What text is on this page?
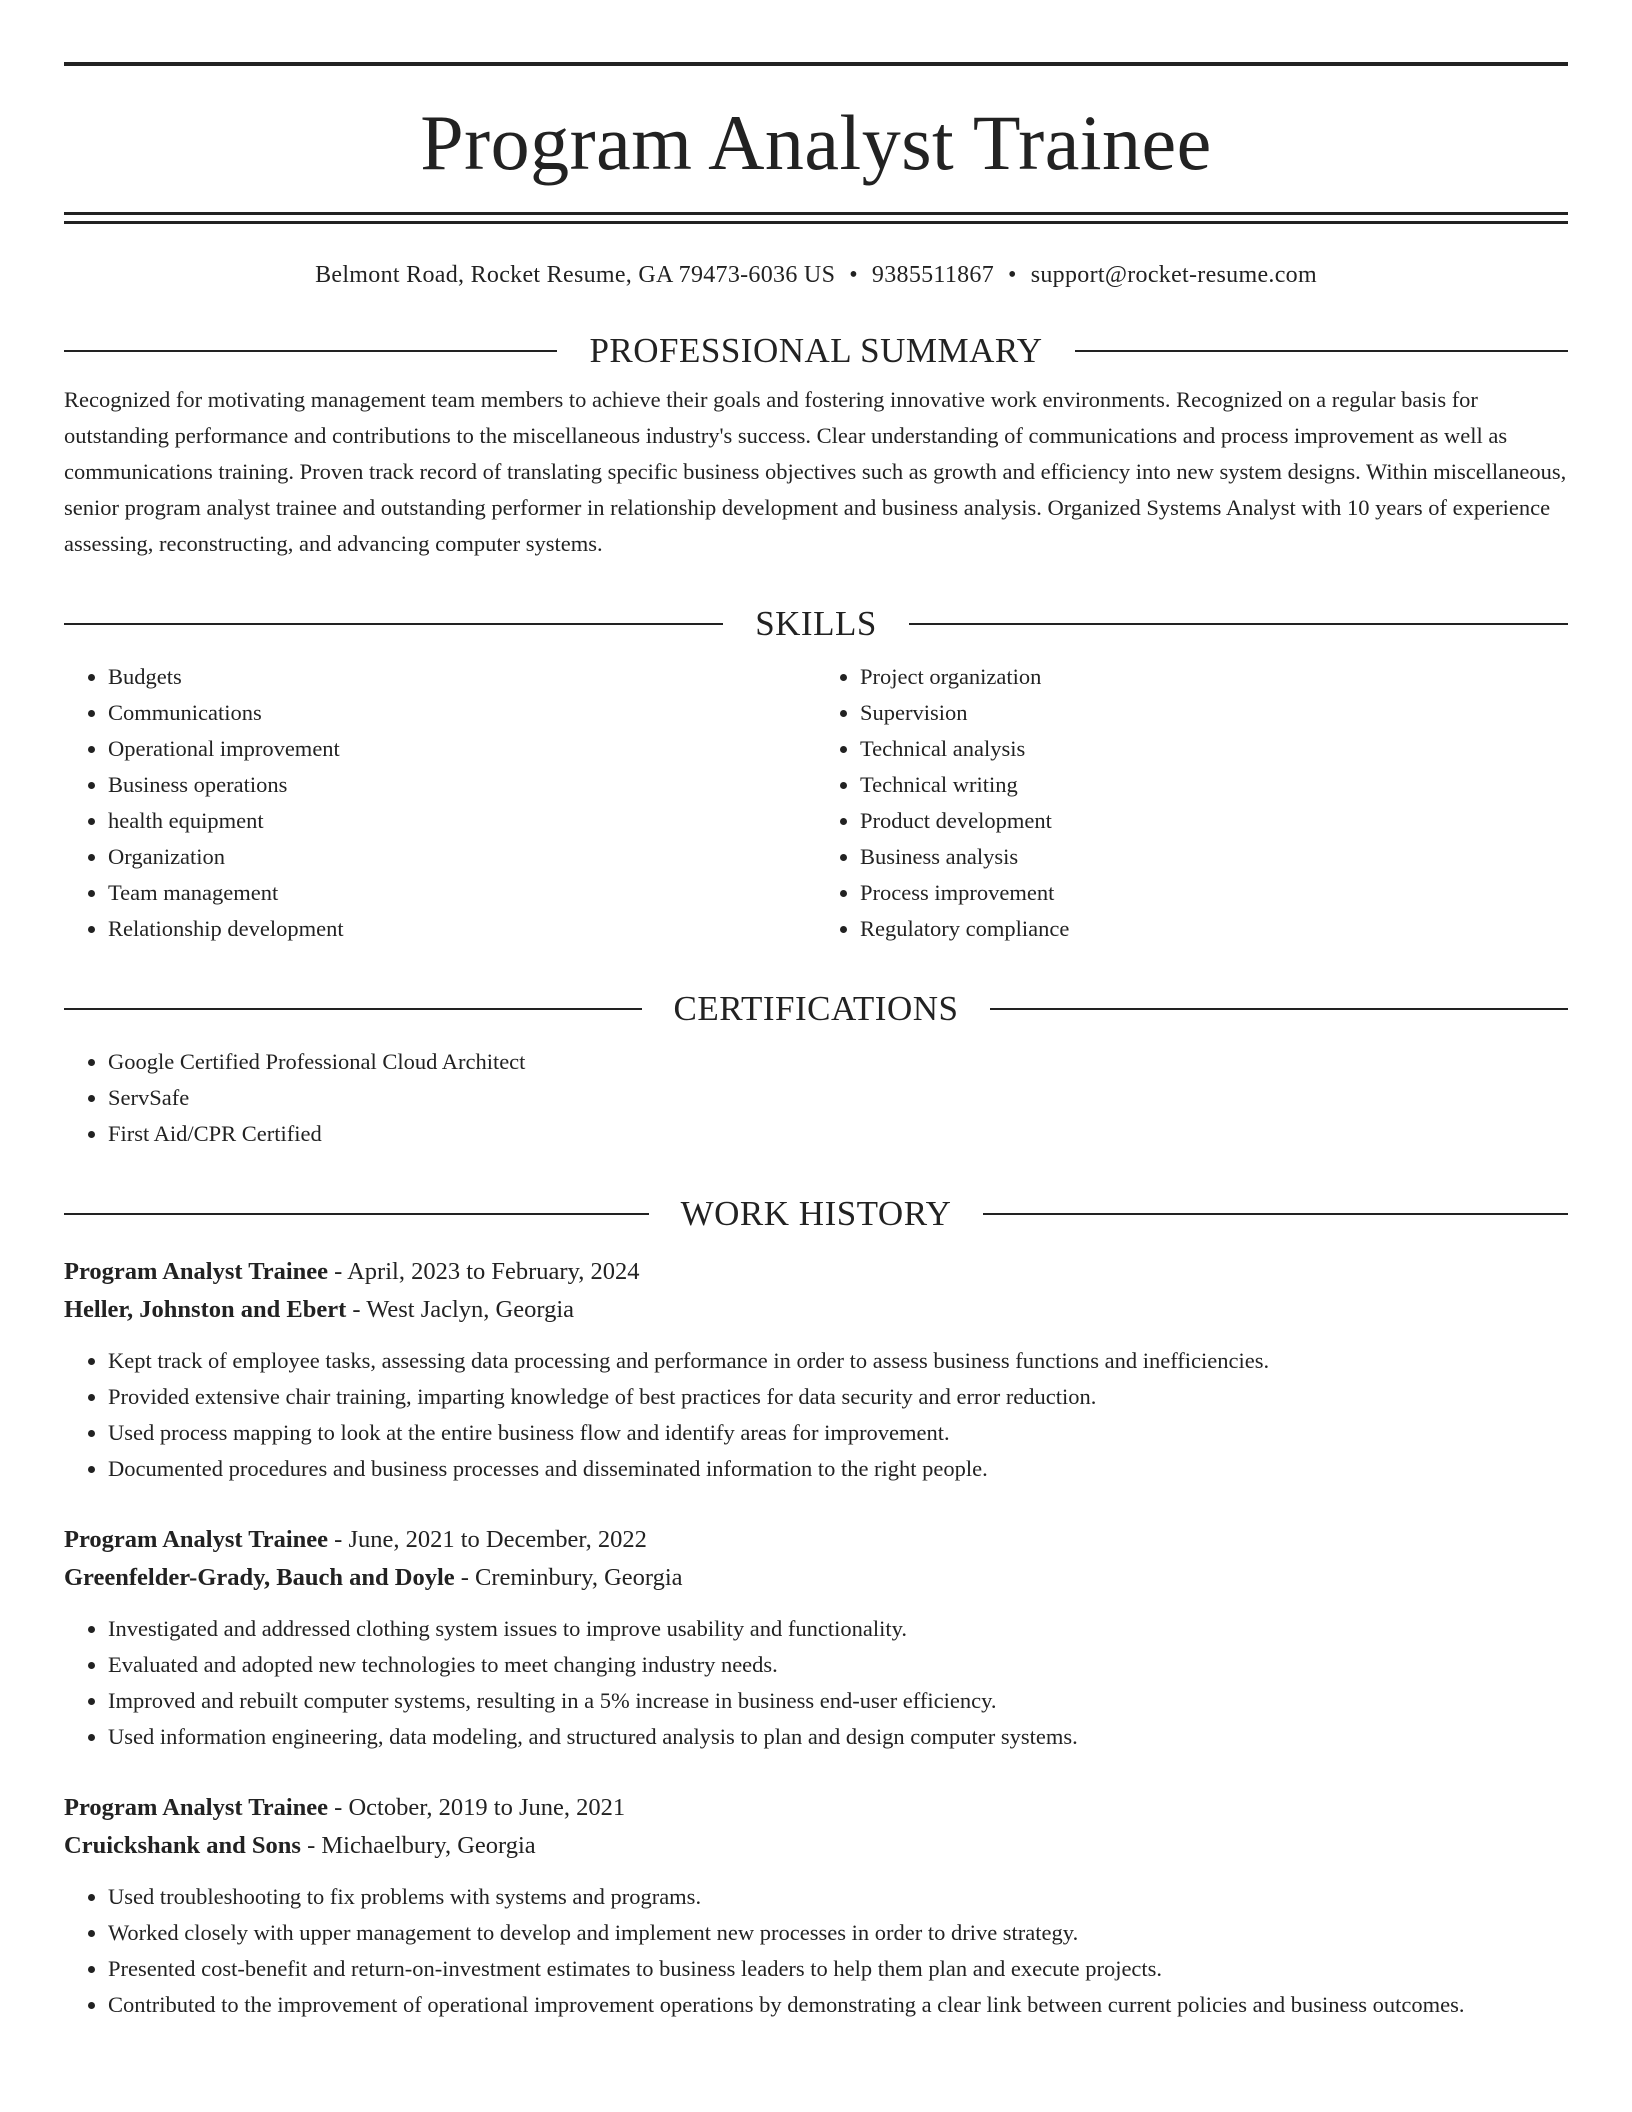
Program Analyst Trainee
Belmont Road, Rocket Resume, GA 79473-6036 US • 9385511867 • support@rocket-resume.com
PROFESSIONAL SUMMARY

Recognized for motivating management team members to achieve their goals and fostering innovative work environments. Recognized on a regular basis for outstanding performance and contributions to the miscellaneous industry's success. Clear understanding of communications and process improvement as well as communications training. Proven track record of translating specific business objectives such as growth and efficiency into new system designs. Within miscellaneous, senior program analyst trainee and outstanding performer in relationship development and business analysis. Organized Systems Analyst with 10 years of experience assessing, reconstructing, and advancing computer systems.

SKILLS
• Budgets
• Communications
• Operational improvement
• Business operations
• health equipment
• Organization
• Team management
• Relationship development
• Project organization
• Supervision
• Technical analysis
• Technical writing
• Product development
• Business analysis
• Process improvement
• Regulatory compliance
CERTIFICATIONS
• Google Certified Professional Cloud Architect
• ServSafe
• First Aid/CPR Certified
WORK HISTORY
Program Analyst Trainee - April, 2023 to February, 2024
Heller, Johnston and Ebert - West Jaclyn, Georgia
• Kept track of employee tasks, assessing data processing and performance in order to assess business functions and inefficiencies.
• Provided extensive chair training, imparting knowledge of best practices for data security and error reduction.
• Used process mapping to look at the entire business flow and identify areas for improvement.
• Documented procedures and business processes and disseminated information to the right people.
Program Analyst Trainee - June, 2021 to December, 2022
Greenfelder-Grady, Bauch and Doyle - Creminbury, Georgia
• Investigated and addressed clothing system issues to improve usability and functionality.
• Evaluated and adopted new technologies to meet changing industry needs.
• Improved and rebuilt computer systems, resulting in a 5% increase in business end-user efficiency.
• Used information engineering, data modeling, and structured analysis to plan and design computer systems.
Program Analyst Trainee - October, 2019 to June, 2021
Cruickshank and Sons - Michaelbury, Georgia
• Used troubleshooting to fix problems with systems and programs.
• Worked closely with upper management to develop and implement new processes in order to drive strategy.
• Presented cost-benefit and return-on-investment estimates to business leaders to help them plan and execute projects.
• Contributed to the improvement of operational improvement operations by demonstrating a clear link between current policies and business outcomes.
